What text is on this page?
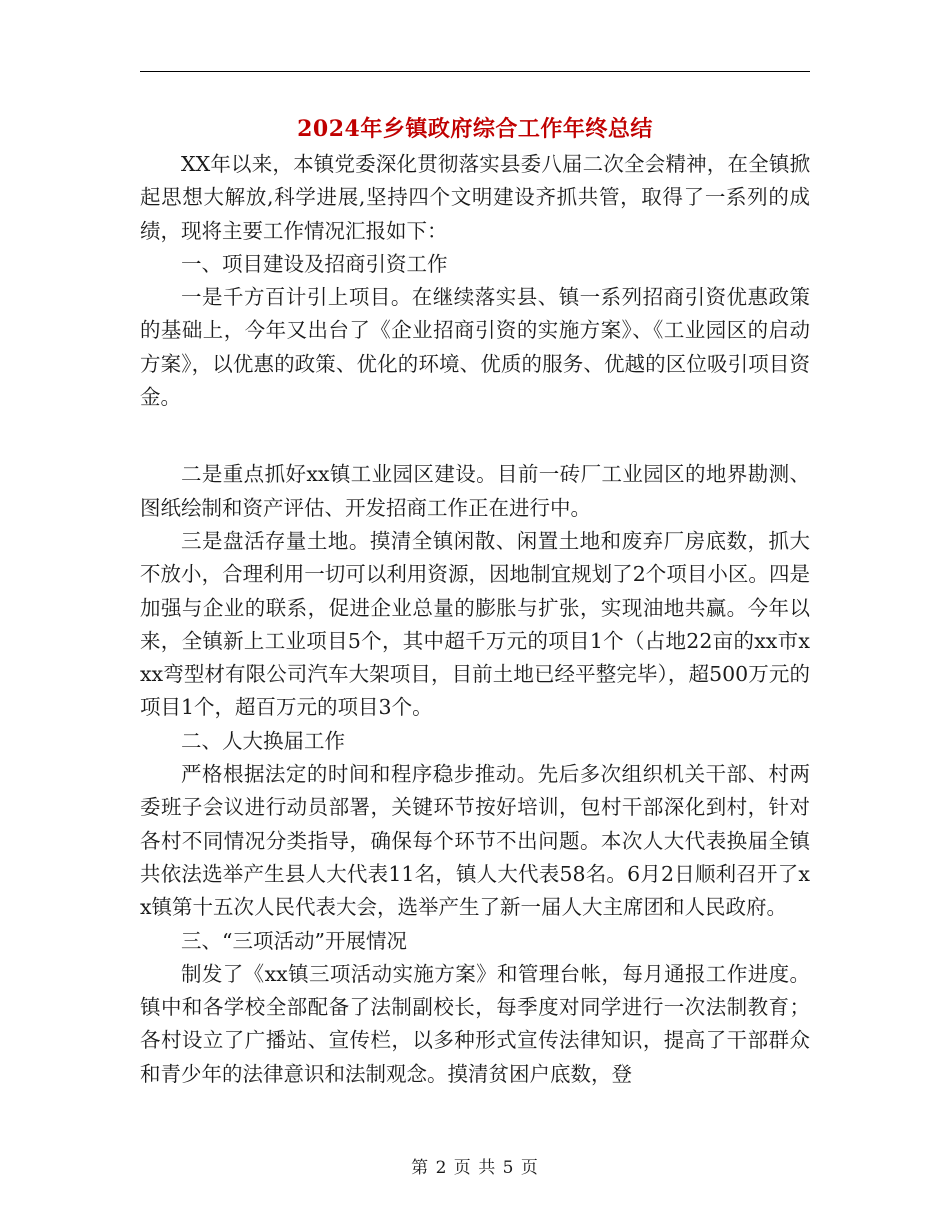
2024年乡镇政府综合工作年终总结

XX年以来，本镇党委深化贯彻落实县委八届二次全会精神，在全镇掀起思想大解放,科学进展,坚持四个文明建设齐抓共管，取得了一系列的成绩，现将主要工作情况汇报如下：

一、项目建设及招商引资工作

一是千方百计引上项目。在继续落实县、镇一系列招商引资优惠政策的基础上，今年又出台了《企业招商引资的实施方案》、《工业园区的启动方案》，以优惠的政策、优化的环境、优质的服务、优越的区位吸引项目资金。

二是重点抓好xx镇工业园区建设。目前一砖厂工业园区的地界勘测、图纸绘制和资产评估、开发招商工作正在进行中。

三是盘活存量土地。摸清全镇闲散、闲置土地和废弃厂房底数，抓大不放小，合理利用一切可以利用资源，因地制宜规划了2个项目小区。四是加强与企业的联系，促进企业总量的膨胀与扩张，实现油地共赢。今年以来，全镇新上工业项目5个，其中超千万元的项目1个（占地22亩的xx市xxx弯型材有限公司汽车大架项目，目前土地已经平整完毕），超500万元的项目1个，超百万元的项目3个。

二、人大换届工作

严格根据法定的时间和程序稳步推动。先后多次组织机关干部、村两委班子会议进行动员部署，关键环节按好培训，包村干部深化到村，针对各村不同情况分类指导，确保每个环节不出问题。本次人大代表换届全镇共依法选举产生县人大代表11名，镇人大代表58名。6月2日顺利召开了xx镇第十五次人民代表大会，选举产生了新一届人大主席团和人民政府。

三、“三项活动”开展情况

制发了《xx镇三项活动实施方案》和管理台帐，每月通报工作进度。镇中和各学校全部配备了法制副校长，每季度对同学进行一次法制教育；各村设立了广播站、宣传栏，以多种形式宣传法律知识，提高了干部群众和青少年的法律意识和法制观念。摸清贫困户底数，登

第 2 页 共 5 页
